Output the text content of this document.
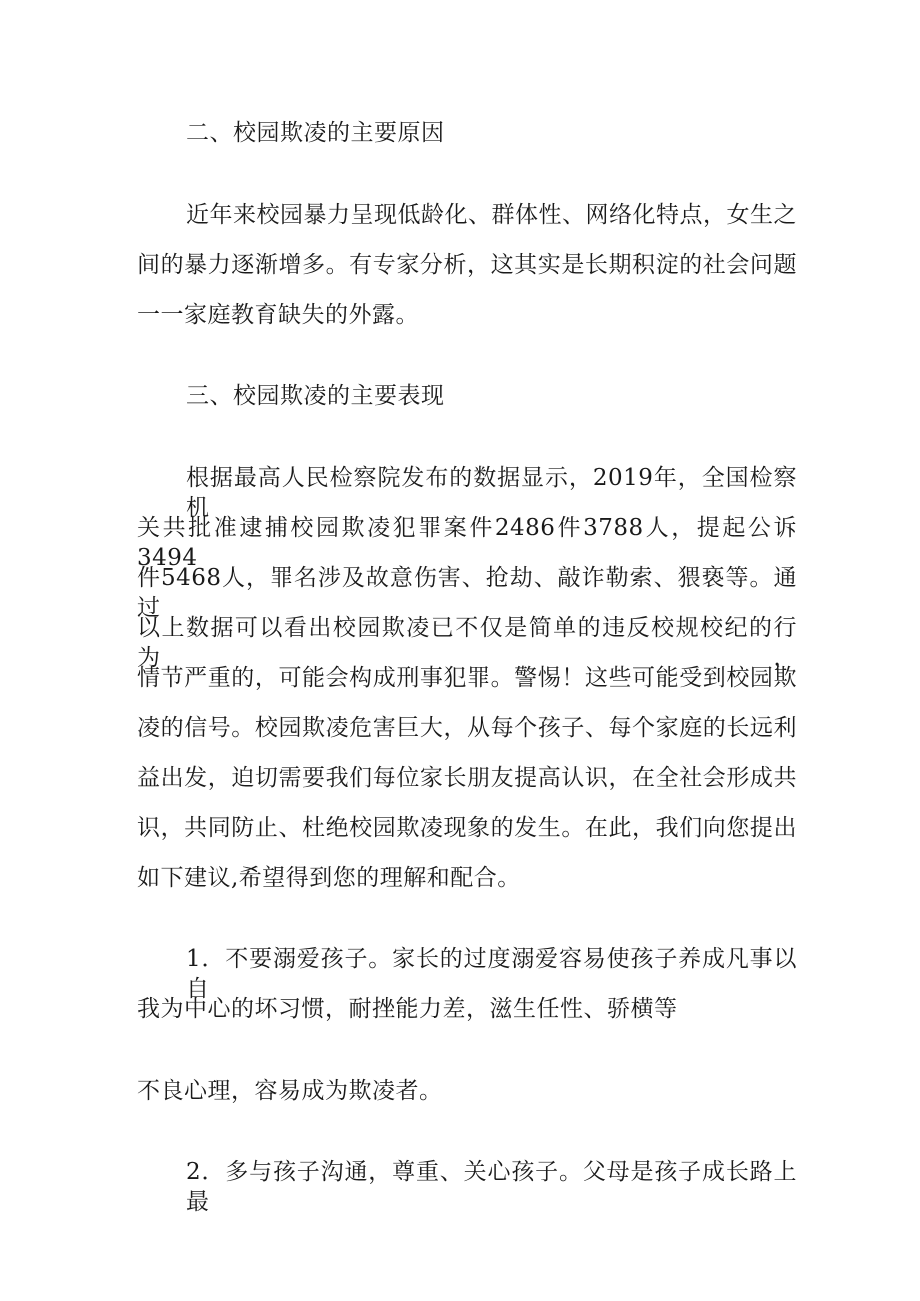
二、校园欺凌的主要原因
近年来校园暴力呈现低龄化、群体性、网络化特点，女生之
间的暴力逐渐增多。有专家分析，这其实是长期积淀的社会问题
一一家庭教育缺失的外露。
三、校园欺凌的主要表现
根据最高人民检察院发布的数据显示，2019年，全国检察机
关共批准逮捕校园欺凌犯罪案件2486件3788人，提起公诉3494
件5468人，罪名涉及故意伤害、抢劫、敲诈勒索、猥亵等。通过
以上数据可以看出校园欺凌已不仅是简单的违反校规校纪的行为，
情节严重的，可能会构成刑事犯罪。警惕！这些可能受到校园欺
凌的信号。校园欺凌危害巨大，从每个孩子、每个家庭的长远利
益出发，迫切需要我们每位家长朋友提高认识，在全社会形成共
识，共同防止、杜绝校园欺凌现象的发生。在此，我们向您提出
如下建议,希望得到您的理解和配合。
1．不要溺爱孩子。家长的过度溺爱容易使孩子养成凡事以自
我为中心的坏习惯，耐挫能力差，滋生任性、骄横等
不良心理，容易成为欺凌者。
2．多与孩子沟通，尊重、关心孩子。父母是孩子成长路上最
